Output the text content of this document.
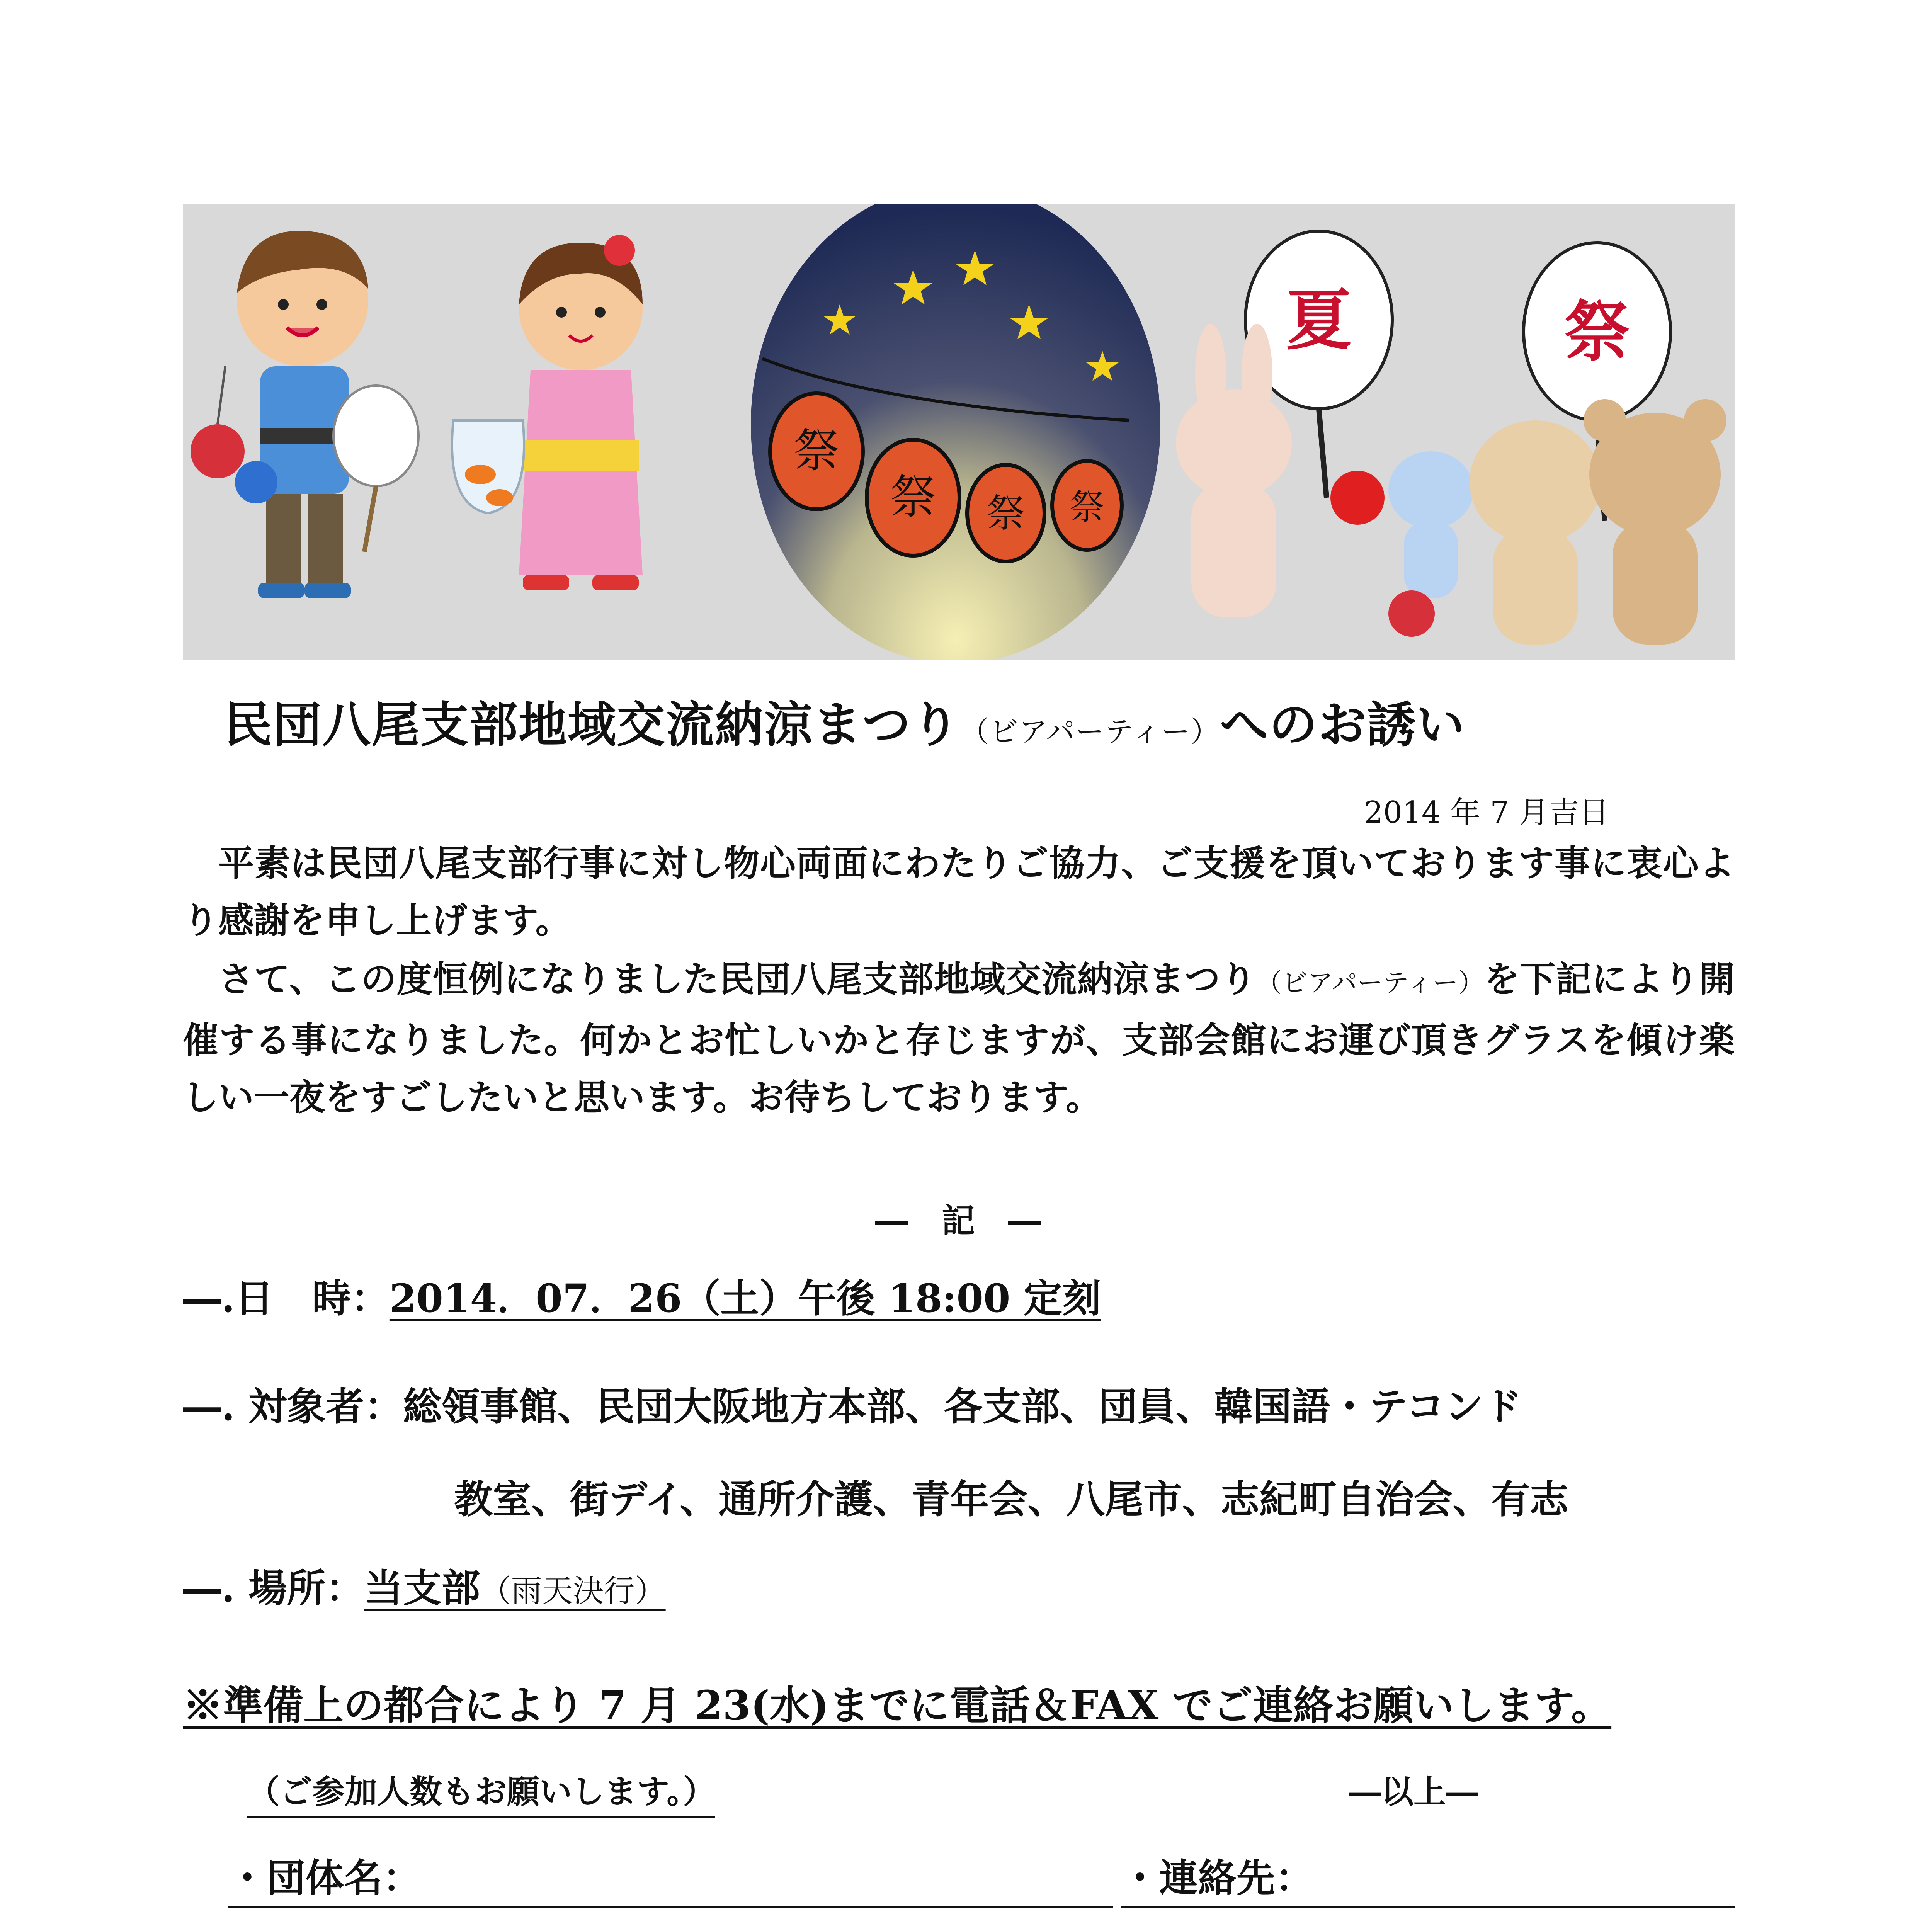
祭
祭 祭 祭
夏	祭
民団八尾支部地域交流納涼まつり（ビアパーティー）へのお誘い
2014 年 7 月吉日
平素は民団八尾支部行事に対し物心両面にわたりご協力、ご支援を頂いております事に衷心より感謝を申し上げます。
さて、この度恒例になりました民団八尾支部地域交流納涼まつり（ビアパーティー）を下記により開催する事になりました。何かとお忙しいかと存じますが、支部会館にお運び頂きグラスを傾け楽しい一夜をすごしたいと思います。お待ちしております。
―　記　―
―.日　時：2014．07．26（土）午後 18:00 定刻
―. 対象者：総領事館、民団大阪地方本部、各支部、団員、韓国語・テコンド
教室、街デイ、通所介護、青年会、八尾市、志紀町自治会、有志
―. 場所：当支部（雨天決行）
※準備上の都合により 7 月 23(水)までに電話＆FAX でご連絡お願いします。
（ご参加人数もお願いします。）	―以上―
・団体名：	・連絡先：
